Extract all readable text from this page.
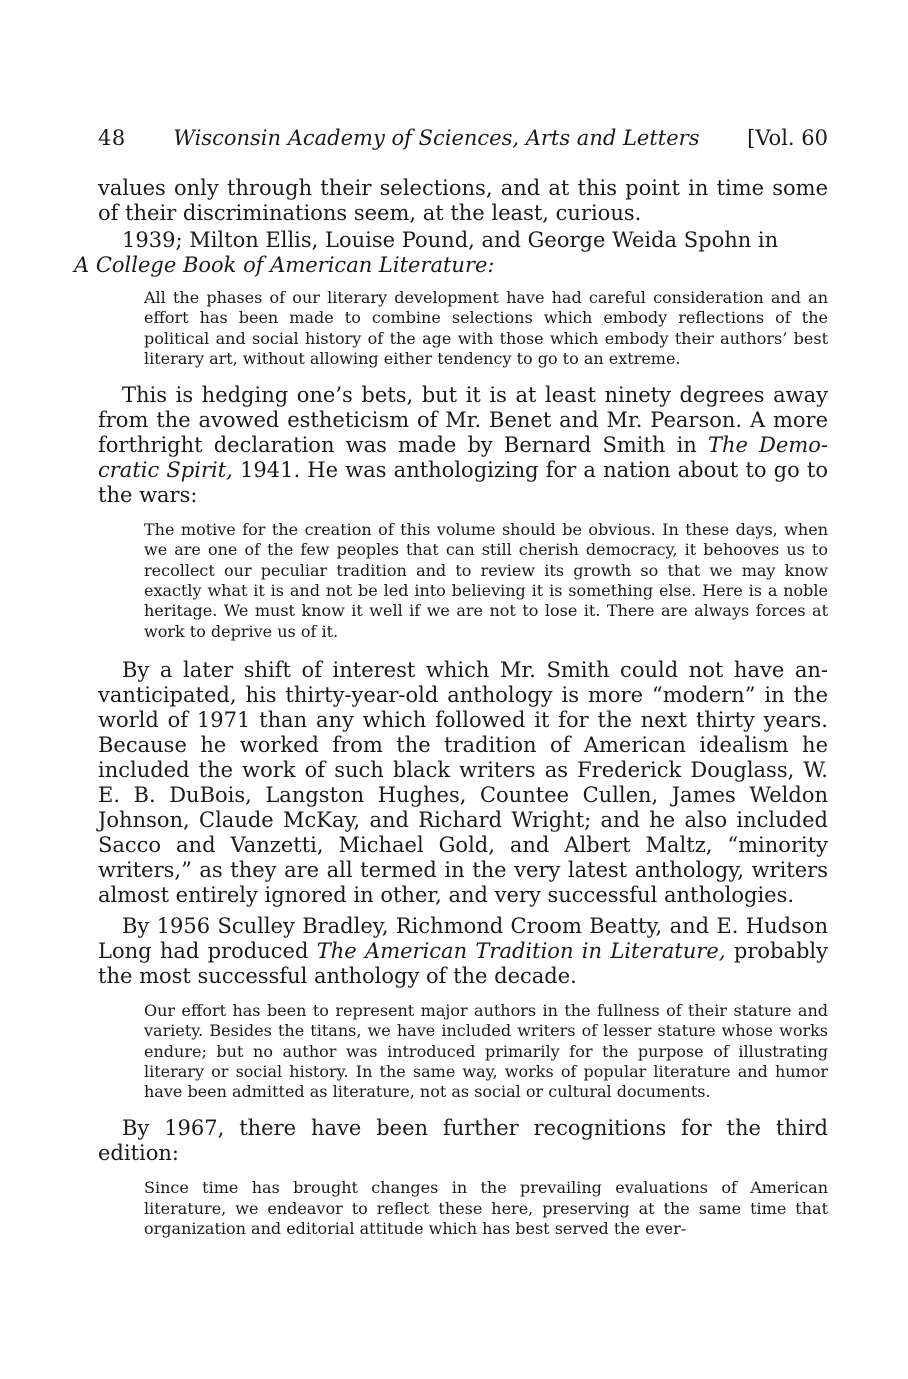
48 Wisconsin Academy of Sciences, Arts and Letters [Vol. 60

values only through their selections, and at this point in time some of their discriminations seem, at the least, curious.

1939; Milton Ellis, Louise Pound, and George Weida Spohn in
A College Book of American Literature:

All the phases of our literary development have had careful consideration and an effort has been made to combine selections which embody reflections of the political and social history of the age with those which embody their authors’ best literary art, without allowing either tendency to go to an extreme.

This is hedging one’s bets, but it is at least ninety degrees away from the avowed estheticism of Mr. Benet and Mr. Pearson. A more forthright declaration was made by Bernard Smith in The Democratic Spirit, 1941. He was anthologizing for a nation about to go to the wars:

The motive for the creation of this volume should be obvious. In these days, when we are one of the few peoples that can still cherish democracy, it behooves us to recollect our peculiar tradition and to review its growth so that we may know exactly what it is and not be led into believing it is something else. Here is a noble heritage. We must know it well if we are not to lose it. There are always forces at work to deprive us of it.

By a later shift of interest which Mr. Smith could not have anvanticipated, his thirty-year-old anthology is more “modern” in the world of 1971 than any which followed it for the next thirty years. Because he worked from the tradition of American idealism he included the work of such black writers as Frederick Douglass, W. E. B. DuBois, Langston Hughes, Countee Cullen, James Weldon Johnson, Claude McKay, and Richard Wright; and he also included Sacco and Vanzetti, Michael Gold, and Albert Maltz, “minority writers,” as they are all termed in the very latest anthology, writers almost entirely ignored in other, and very successful anthologies.

By 1956 Sculley Bradley, Richmond Croom Beatty, and E. Hudson Long had produced The American Tradition in Literature, probably the most successful anthology of the decade.

Our effort has been to represent major authors in the fullness of their stature and variety. Besides the titans, we have included writers of lesser stature whose works endure; but no author was introduced primarily for the purpose of illustrating literary or social history. In the same way, works of popular literature and humor have been admitted as literature, not as social or cultural documents.

By 1967, there have been further recognitions for the third edition:

Since time has brought changes in the prevailing evaluations of American literature, we endeavor to reflect these here, preserving at the same time that organization and editorial attitude which has best served the ever-
